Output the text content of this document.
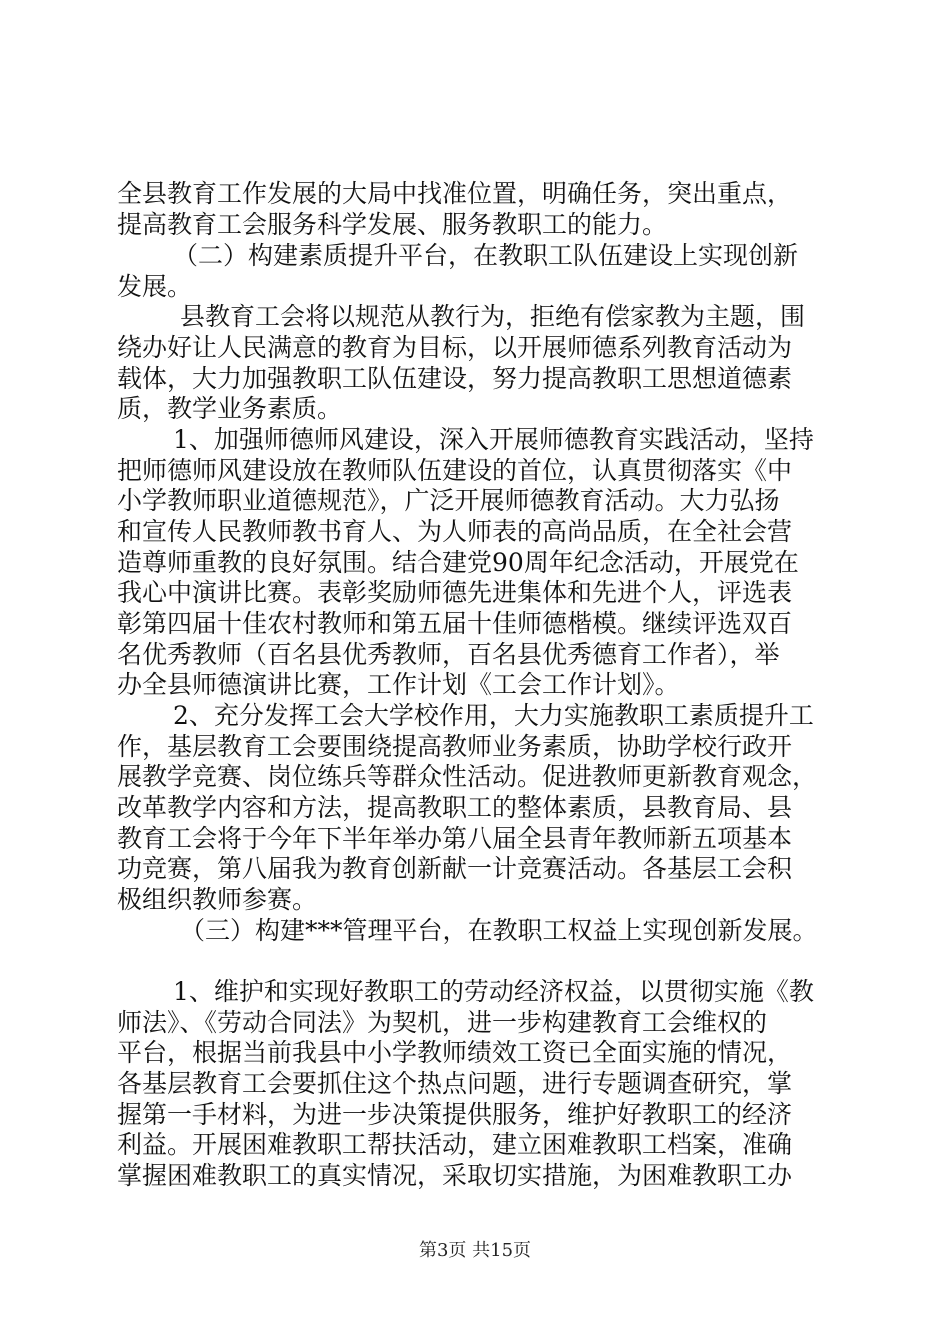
全县教育工作发展的大局中找准位置，明确任务，突出重点，
提高教育工会服务科学发展、服务教职工的能力。
（二）构建素质提升平台，在教职工队伍建设上实现创新
发展。
县教育工会将以规范从教行为，拒绝有偿家教为主题，围
绕办好让人民满意的教育为目标，以开展师德系列教育活动为
载体，大力加强教职工队伍建设，努力提高教职工思想道德素
质，教学业务素质。
1、加强师德师风建设，深入开展师德教育实践活动，坚持
把师德师风建设放在教师队伍建设的首位，认真贯彻落实《中
小学教师职业道德规范》，广泛开展师德教育活动。大力弘扬
和宣传人民教师教书育人、为人师表的高尚品质，在全社会营
造尊师重教的良好氛围。结合建党90周年纪念活动，开展党在
我心中演讲比赛。表彰奖励师德先进集体和先进个人，评选表
彰第四届十佳农村教师和第五届十佳师德楷模。继续评选双百
名优秀教师（百名县优秀教师，百名县优秀德育工作者），举
办全县师德演讲比赛，工作计划《工会工作计划》。
2、充分发挥工会大学校作用，大力实施教职工素质提升工
作，基层教育工会要围绕提高教师业务素质，协助学校行政开
展教学竞赛、岗位练兵等群众性活动。促进教师更新教育观念，
改革教学内容和方法，提高教职工的整体素质，县教育局、县
教育工会将于今年下半年举办第八届全县青年教师新五项基本
功竞赛，第八届我为教育创新献一计竞赛活动。各基层工会积
极组织教师参赛。
（三）构建***管理平台，在教职工权益上实现创新发展。
1、维护和实现好教职工的劳动经济权益，以贯彻实施《教
师法》、《劳动合同法》为契机，进一步构建教育工会维权的
平台，根据当前我县中小学教师绩效工资已全面实施的情况，
各基层教育工会要抓住这个热点问题，进行专题调查研究，掌
握第一手材料，为进一步决策提供服务，维护好教职工的经济
利益。开展困难教职工帮扶活动，建立困难教职工档案，准确
掌握困难教职工的真实情况，采取切实措施，为困难教职工办
第3页 共15页
